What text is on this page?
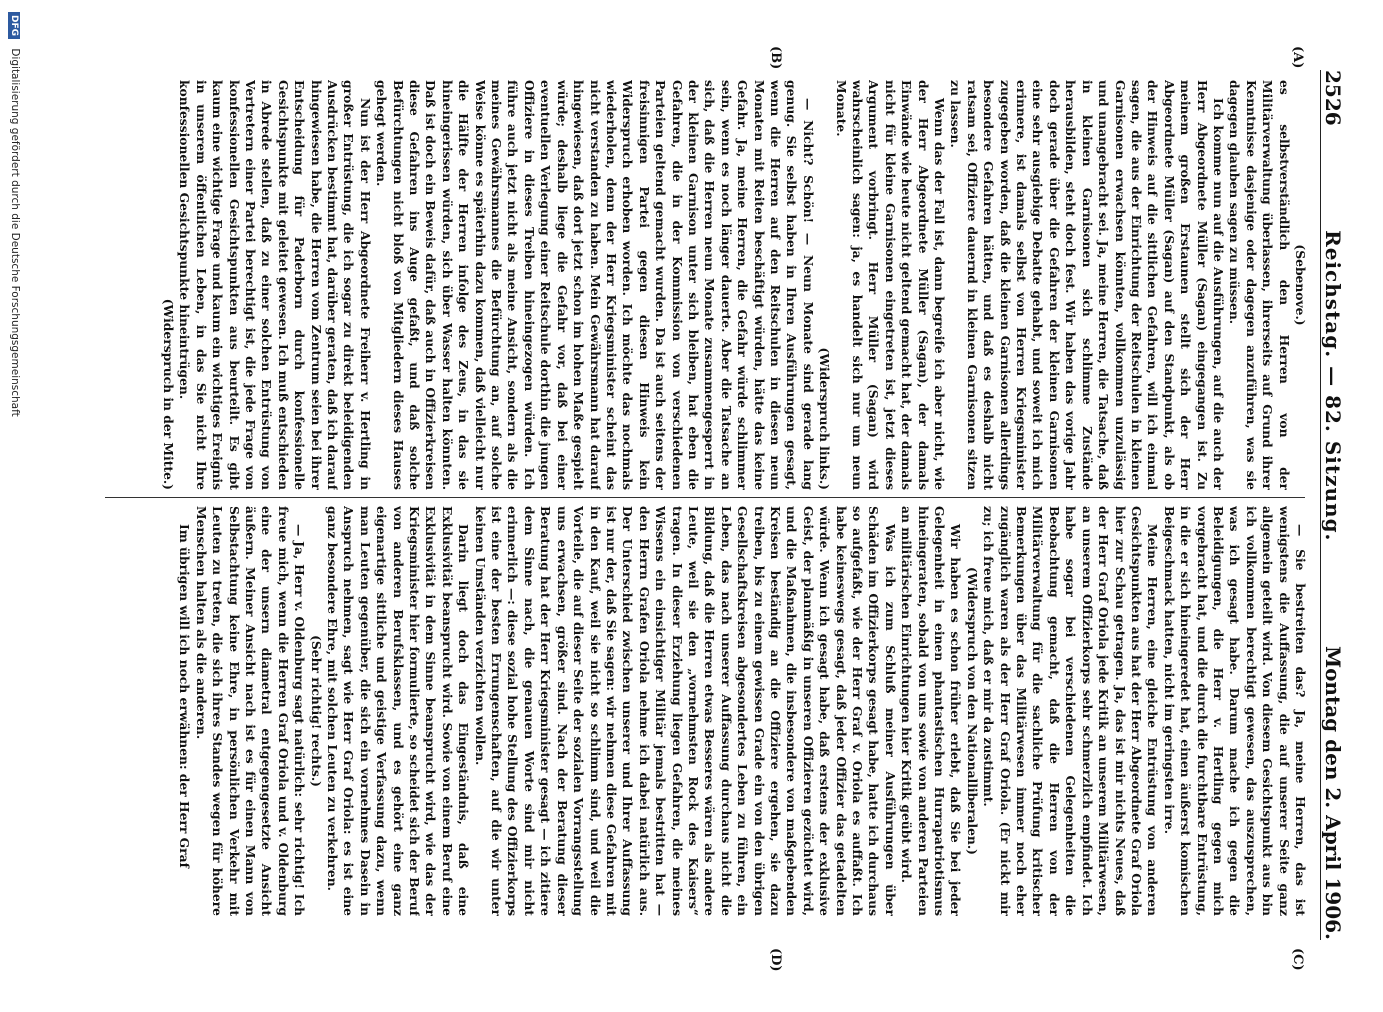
2526
Reichstag. — 82. Sitzung.
Montag den 2. April 1906.
(A)
(B)
(C)
(D)

(Sebenove.)

es selbstverständlich den Herren von der Militärverwaltung überlassen, ihrerseits auf Grund ihrer Kenntnisse dasjenige oder dagegen anzuführen, was sie dagegen glauben sagen zu müssen.

Ich komme nun auf die Ausführungen, auf die auch der Herr Abgeordnete Müller (Sagan) eingegangen ist. Zu meinem großen Erstaunen stellt sich der Herr Abgeordnete Müller (Sagan) auf den Standpunkt, als ob der Hinweis auf die sittlichen Gefahren, will ich einmal sagen, die aus der Einrichtung der Reitschulen in kleinen Garnisonen erwachsen könnten, vollkommen unzulässig und unangebracht sei. Ja, meine Herren, die Tatsache, daß in kleinen Garnisonen sich schlimme Zustände herausbilden, steht doch fest. Wir haben das vorige Jahr doch gerade über die Gefahren der kleinen Garnisonen eine sehr ausgiebige Debatte gehabt, und soweit ich mich erinnere, ist damals selbst von Herren Kriegsminister zugegeben worden, daß die kleinen Garnisonen allerdings besondere Gefahren hätten, und daß es deshalb nicht ratsam sei, Offiziere dauernd in kleinen Garnisonen sitzen zu lassen.

Wenn das der Fall ist, dann begreife ich aber nicht, wie der Herr Abgeordnete Müller (Sagan), der damals Einwände wie heute nicht geltend gemacht hat, der damals nicht für kleine Garnisonen eingetreten ist, jetzt dieses Argument vorbringt. Herr Müller (Sagan) wird wahrscheinlich sagen: ja, es handelt sich nur um neun Monate.

(Widerspruch links.)

— Nicht? Schön! — Neun Monate sind gerade lang genug. Sie selbst haben in Ihren Ausführungen gesagt, wenn die Herren auf den Reitschulen in diesen neun Monaten mit Reiten beschäftigt würden, hätte das keine Gefahr. Ja, meine Herren, die Gefahr würde schlimmer sein, wenn es noch länger dauerte. Aber die Tatsache an sich, daß die Herren neun Monate zusammengesperrt in der kleinen Garnison unter sich bleiben, hat eben die Gefahren, die in der Kommission von verschiedenen Parteien geltend gemacht wurden. Da ist auch seitens der freisinnigen Partei gegen diesen Hinweis kein Widerspruch erhoben worden. Ich möchte das nochmals wiederholen, denn der Herr Kriegsminister scheint das nicht verstanden zu haben. Mein Gewährsmann hat darauf hingewiesen, daß dort jetzt schon im hohen Maße gespielt würde; deshalb liege die Gefahr vor, daß bei einer eventuellen Verlegung einer Reitschule dorthin die jungen Offiziere in dieses Treiben hineingezogen würden. Ich führe auch jetzt nicht als meine Ansicht, sondern als die meines Gewährsmannes die Befürchtung an, auf solche Weise könne es späterhin dazu kommen, daß vielleicht nur die Hälfte der Herren infolge des Zeus, in das sie hineingerissen würden, sich über Wasser halten könnten. Daß ist doch ein Beweis dafür, daß auch in Offizierkreisen diese Gefahren ins Auge gefaßt, und daß solche Befürchtungen nicht bloß von Mitgliedern dieses Hauses gehegt werden.

Nun ist der Herr Abgeordnete Freiherr v. Hertling in großer Entrüstung, die ich sogar zu direkt beleidigenden Ausdrücken bestimmt hat, darüber geraten, daß ich darauf hingewiesen habe, die Herren vom Zentrum seien bei ihrer Entscheidung für Paderborn durch konfessionelle Gesichtspunkte mit geleitet gewesen. Ich muß entschieden in Abrede stellen, daß zu einer solchen Entrüstung von Vertretern einer Partei berechtigt ist, die jede Frage von konfessionellen Gesichtspunkten aus beurteilt. Es gibt kaum eine wichtige Frage und kaum ein wichtiges Ereignis in unserem öffentlichen Leben, in das Sie nicht Ihre konfessionellen Gesichtspunkte hineintrügen.

(Widerspruch in der Mitte.)

— Sie bestreiten das? Ja, meine Herren, das ist wenigstens die Auffassung, die auf unserer Seite ganz allgemein geteilt wird. Von diesem Gesichtspunkt aus bin ich vollkommen berechtigt gewesen, das auszusprechen, was ich gesagt habe. Darum mache ich gegen die Beleidigungen, die Herr v. Hertling gegen mich vorgebracht hat, und die durch die furchtbare Entrüstung, in die er sich hineingeredet hat, einen äußerst komischen Beigeschmack hatten, nicht im geringsten irre.

Meine Herren, eine gleiche Entrüstung von anderen Gesichtspunkten aus hat der Herr Abgeordnete Graf Oriola hier zur Schau getragen. Ja, das ist mir nichts Neues, daß der Herr Graf Oriola jede Kritik an unserem Militärwesen, an unserem Offizierkorps sehr schmerzlich empfindet. Ich habe sogar bei verschiedenen Gelegenheiten die Beobachtung gemacht, daß die Herren von der Militärverwaltung für die sachliche Prüfung kritischer Bemerkungen über das Militärwesen immer noch eher zugänglich waren als der Herr Graf Oriola. (Er nickt mir zu; ich freue mich, daß er mir da zustimmt.

(Widerspruch von den Nationalliberalen.)

Wir haben es schon früher erlebt, daß Sie bei jeder Gelegenheit in einen phantastischen Hurrapatriotismus hineingeraten, sobald von uns sowie von anderen Parteien an militärischen Einrichtungen hier Kritik geübt wird.

Was ich zum Schluß meiner Ausführungen über Schäden im Offizierkorps gesagt habe, hatte ich durchaus so aufgefaßt, wie der Herr Graf v. Oriola es auffaßt. Ich habe keineswegs gesagt, daß jeder Offizier das getadelten würde. Wenn ich gesagt habe, daß erstens der exklusive Geist, der planmäßig in unseren Offizieren gezüchtet wird, und die Maßnahmen, die insbesondere von maßgebenden Kreisen beständig an die Offiziere ergehen, sie dazu treiben, bis zu einem gewissen Grade ein von den übrigen Gesellschaftskreisen abgesondertes Leben zu führen, ein Leben, das nach unserer Auffassung durchaus nicht die Bildung, daß die Herren etwas Besseres wären als andere Leute, weil sie den „vornehmsten Rock des Kaisers“ tragen. In dieser Erziehung liegen Gefahren, die meines Wissens ein einsichtiger Militär jemals bestritten hat — den Herrn Grafen Oriola nehme ich dabei natürlich aus. Der Unterschied zwischen unserer und Ihrer Auffassung ist nur der, daß Sie sagen: wir nehmen diese Gefahren mit in den Kauf, weil sie nicht so schlimm sind, und weil die Vorteile, die auf dieser Seite der sozialen Vorrangsstellung uns erwachsen, größer sind. Nach der Beratung dieser Beratung hat der Herr Kriegsminister gesagt — ich zitiere dem Sinne nach, die genauen Worte sind mir nicht erinnerlich —: diese sozial hohe Stellung des Offizierkorps ist eine der besten Errungenschaften, auf die wir unter keinen Umständen verzichten wollen.

Darin liegt doch das Eingeständnis, daß eine Exklusivität beansprucht wird. Sowie von einem Beruf eine Exklusivität in dem Sinne beansprucht wird, wie das der Kriegsminister hier formulierte, so scheidet sich der Beruf von anderen Berufsklassen, und es gehört eine ganz eigenartige sittliche und geistige Verfassung dazu, wenn man Leuten gegenüber, die sich ein vornehmes Dasein in Anspruch nehmen, sagt wie Herr Graf Oriola: es ist eine ganz besondere Ehre, mit solchen Leuten zu verkehren.

(Sehr richtig! rechts.)

— Ja, Herr v. Oldenburg sagt natürlich: sehr richtig! Ich freue mich, wenn die Herren Graf Oriola und v. Oldenburg eine der unsern diametral entgegengesetzte Ansicht äußern. Meiner Ansicht nach ist es für einen Mann von Selbstachtung keine Ehre, in persönlichen Verkehr mit Leuten zu treten, die sich ihres Standes wegen für höhere Menschen halten als die anderen.

Im übrigen will ich noch erwähnen: der Herr Graf

DFG Digitalisierung gefördert durch die Deutsche Forschungsgemeinschaft
